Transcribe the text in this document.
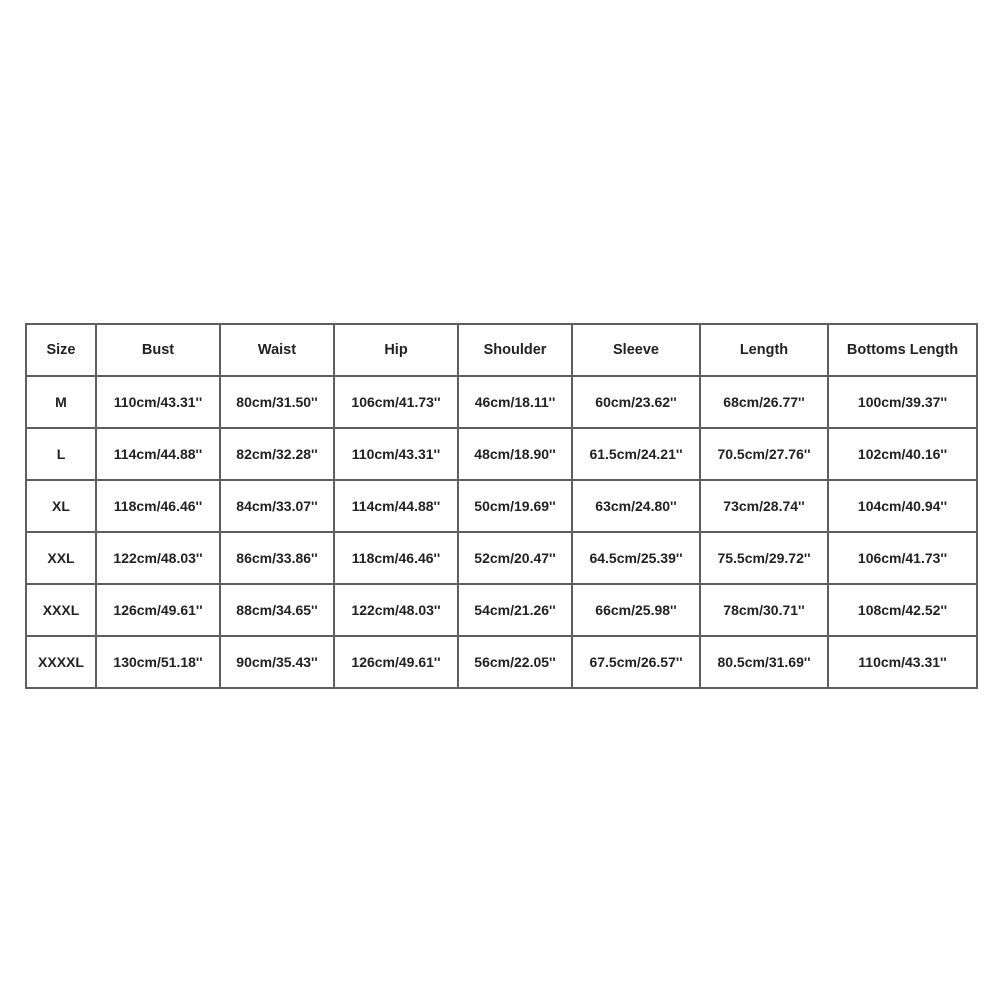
Size	Bust	Waist	Hip	Shoulder	Sleeve	Length	Bottoms Length
M	110cm/43.31''	80cm/31.50''	106cm/41.73''	46cm/18.11''	60cm/23.62''	68cm/26.77''	100cm/39.37''
L	114cm/44.88''	82cm/32.28''	110cm/43.31''	48cm/18.90''	61.5cm/24.21''	70.5cm/27.76''	102cm/40.16''
XL	118cm/46.46''	84cm/33.07''	114cm/44.88''	50cm/19.69''	63cm/24.80''	73cm/28.74''	104cm/40.94''
XXL	122cm/48.03''	86cm/33.86''	118cm/46.46''	52cm/20.47''	64.5cm/25.39''	75.5cm/29.72''	106cm/41.73''
XXXL	126cm/49.61''	88cm/34.65''	122cm/48.03''	54cm/21.26''	66cm/25.98''	78cm/30.71''	108cm/42.52''
XXXXL	130cm/51.18''	90cm/35.43''	126cm/49.61''	56cm/22.05''	67.5cm/26.57''	80.5cm/31.69''	110cm/43.31''
